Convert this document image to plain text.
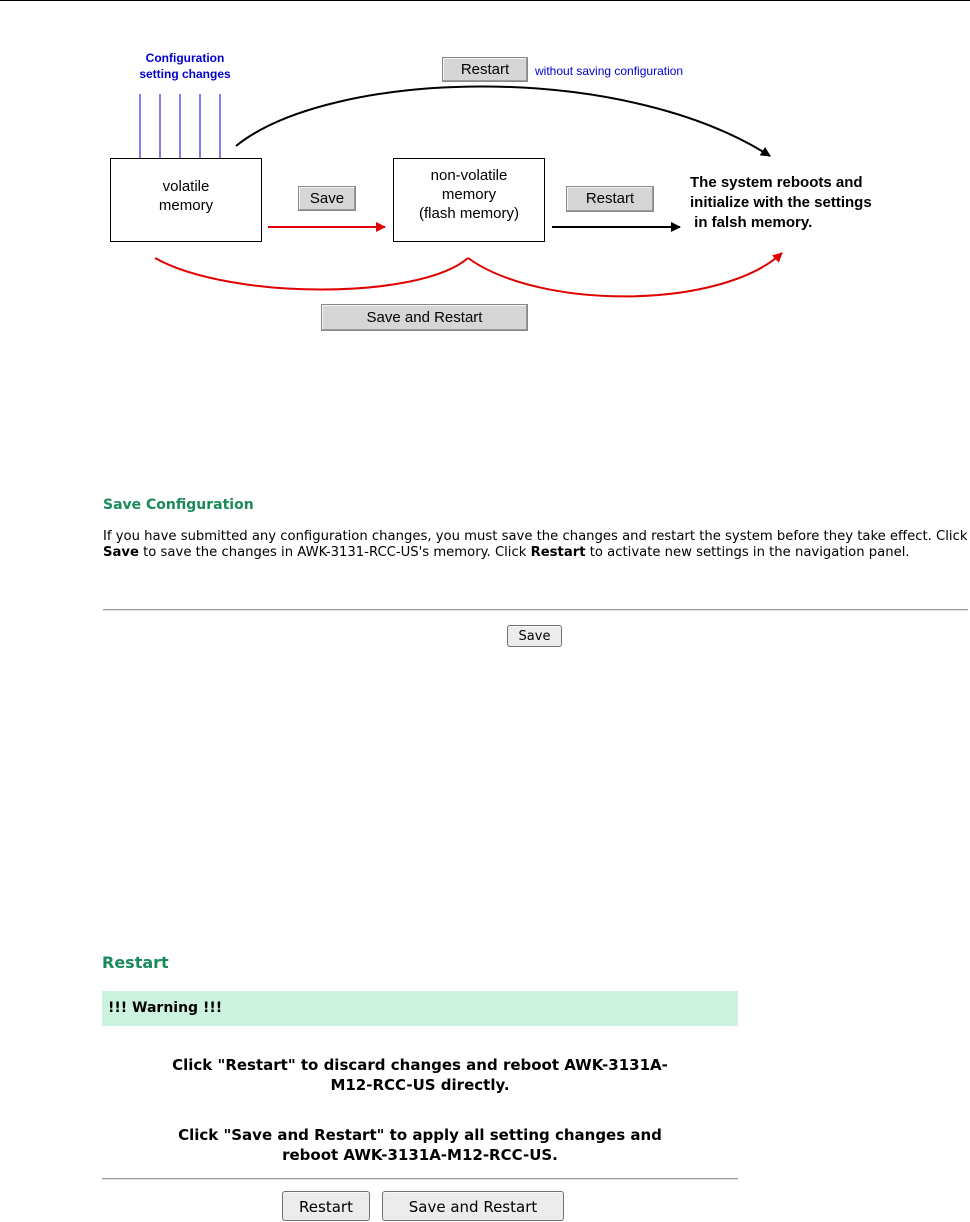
Configuration
setting changes
volatile
memory
non-volatile
memory
(flash memory)
Restart	without saving configuration
Save	Restart
Save and Restart
The system reboots and
initialize with the settings
in falsh memory.
Save Configuration
If you have submitted any configuration changes, you must save the changes and restart the system before they take effect. Click Save to save the changes in AWK-3131-RCC-US's memory. Click Restart to activate new settings in the navigation panel.
Save
Restart
!!! Warning !!!
Click "Restart" to discard changes and reboot AWK-3131A-
M12-RCC-US directly.
Click "Save and Restart" to apply all setting changes and
reboot AWK-3131A-M12-RCC-US.
Restart	Save and Restart
